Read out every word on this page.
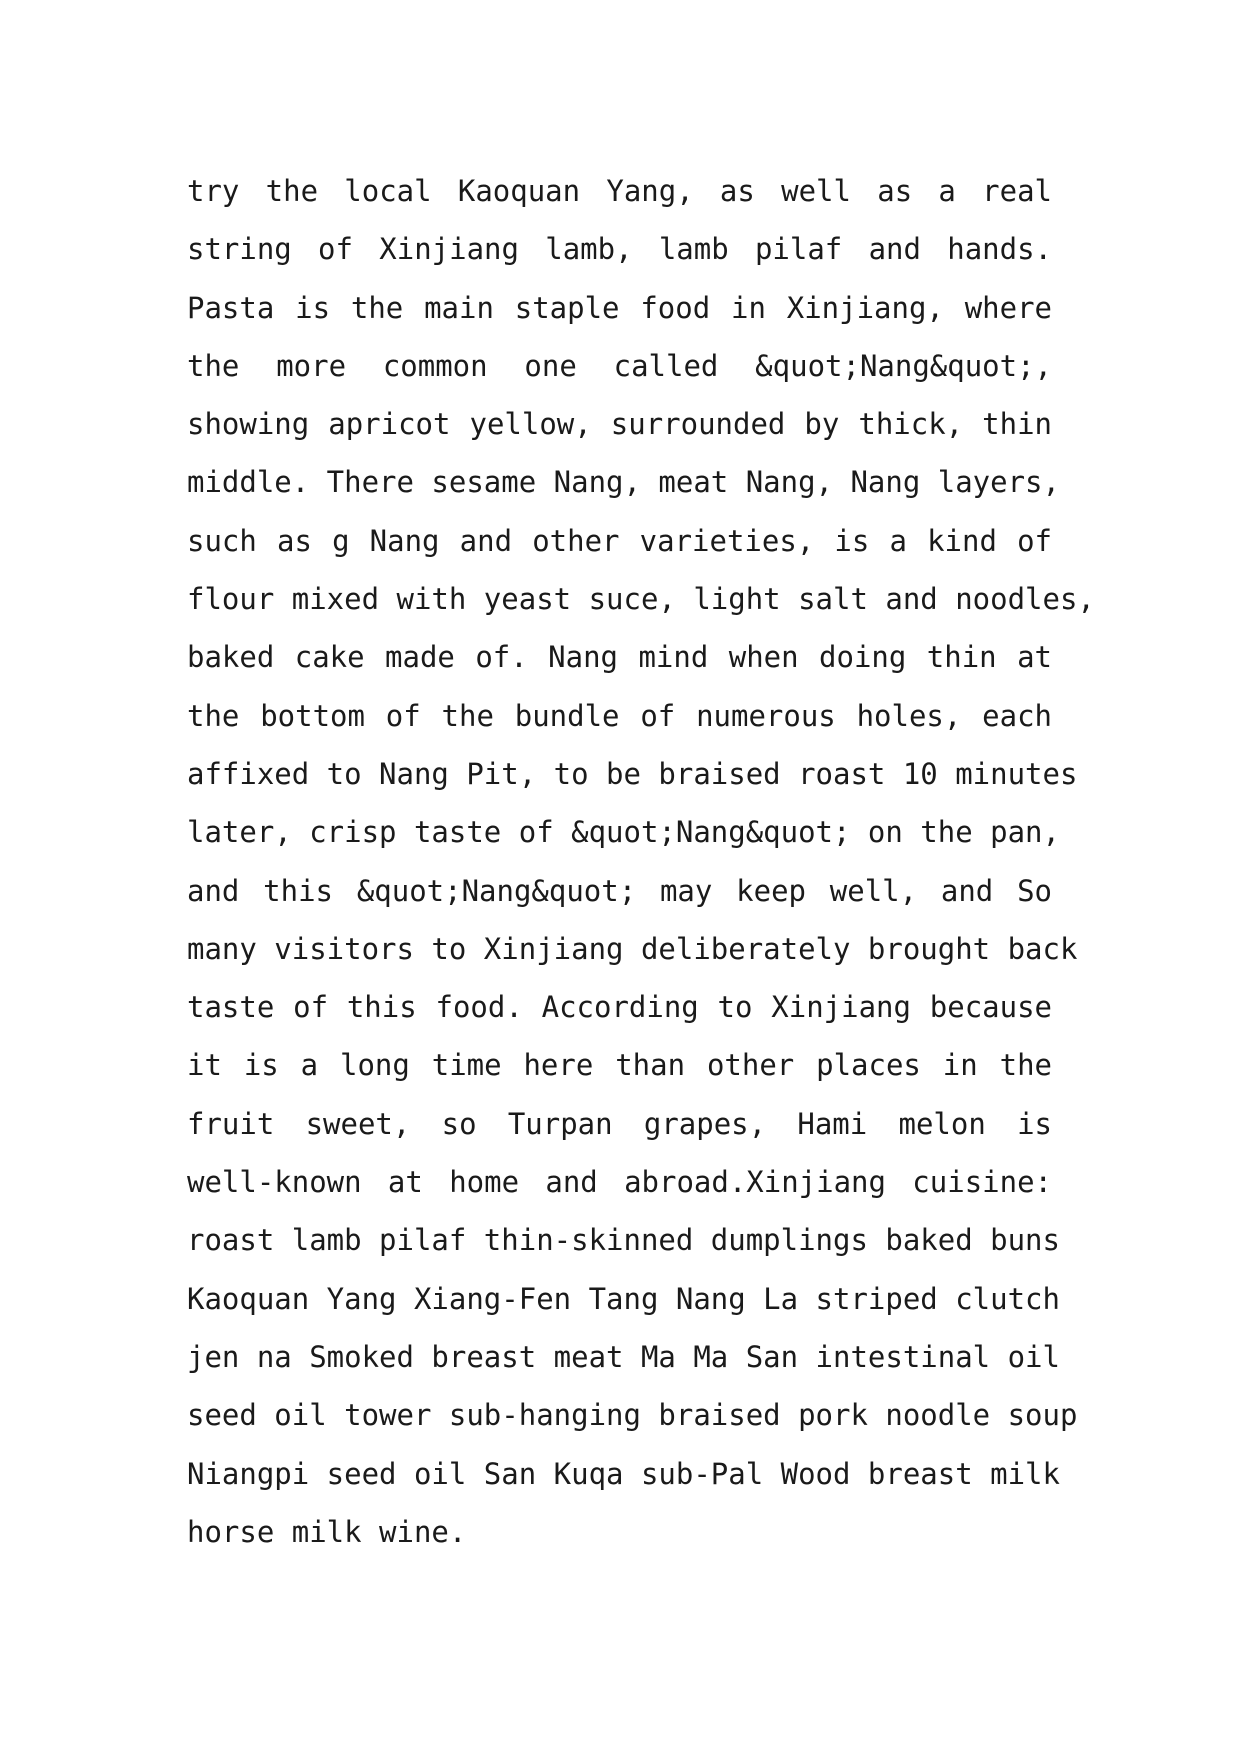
try the local Kaoquan Yang, as well as a real
string of Xinjiang lamb, lamb pilaf and hands.
Pasta is the main staple food in Xinjiang, where
the more common one called &quot;Nang&quot;,
showing apricot yellow, surrounded by thick, thin
middle. There sesame Nang, meat Nang, Nang layers,
such as g Nang and other varieties, is a kind of
flour mixed with yeast suce, light salt and noodles,
baked cake made of. Nang mind when doing thin at
the bottom of the bundle of numerous holes, each
affixed to Nang Pit, to be braised roast 10 minutes
later, crisp taste of &quot;Nang&quot; on the pan,
and this &quot;Nang&quot; may keep well, and So
many visitors to Xinjiang deliberately brought back
taste of this food. According to Xinjiang because
it is a long time here than other places in the
fruit sweet, so Turpan grapes, Hami melon is
well-known at home and abroad.Xinjiang cuisine:
roast lamb pilaf thin-skinned dumplings baked buns
Kaoquan Yang Xiang-Fen Tang Nang La striped clutch
jen na Smoked breast meat Ma Ma San intestinal oil
seed oil tower sub-hanging braised pork noodle soup
Niangpi seed oil San Kuqa sub-Pal Wood breast milk
horse milk wine.
